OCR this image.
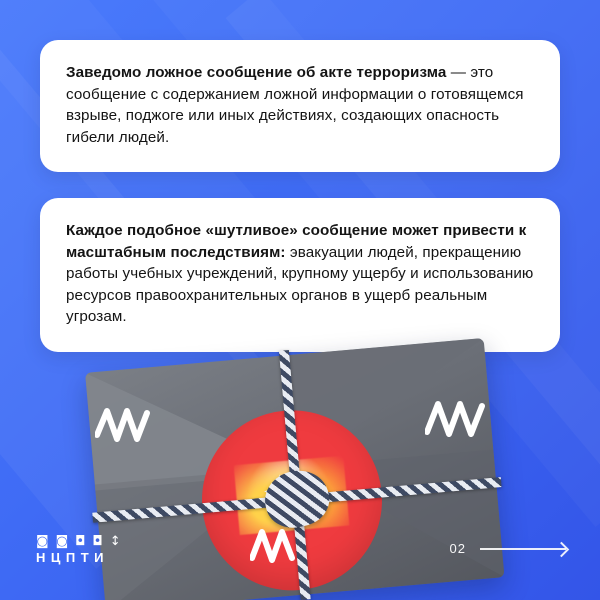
Заведомо ложное сообщение об акте терроризма — это сообщение с содержанием ложной информации о готовящемся взрыве, поджоге или иных действиях, создающих опасность гибели людей.

Каждое подобное «шутливое» сообщение может привести к масштабным последствиям: эвакуации людей, прекращению работы учебных учреждений, крупному ущербу и использованию ресурсов правоохранительных органов в ущерб реальным угрозам.

◙◙◘◘↕
НЦПТИ
02
